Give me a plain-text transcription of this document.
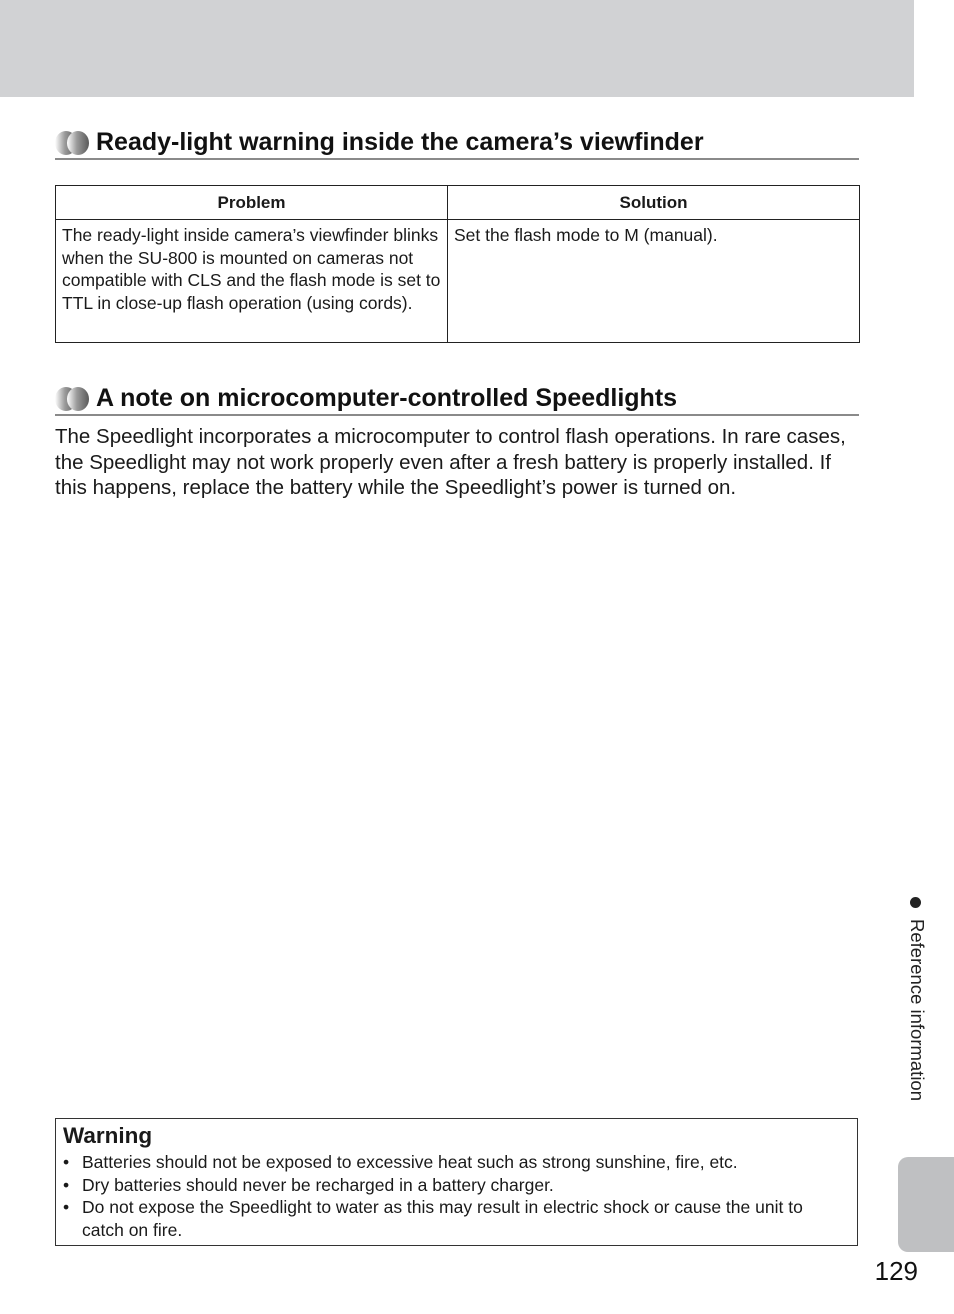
Ready-light warning inside the camera’s viewfinder
Problem	Solution
The ready-light inside camera’s viewfinder blinks when the SU-800 is mounted on cameras not compatible with CLS and the flash mode is set to TTL in close-up flash operation (using cords).	Set the flash mode to M (manual).
A note on microcomputer-controlled Speedlights

The Speedlight incorporates a microcomputer to control flash operations. In rare cases, the Speedlight may not work properly even after a fresh battery is properly installed. If this happens, replace the battery while the Speedlight’s power is turned on.

Warning
• Batteries should not be exposed to excessive heat such as strong sunshine, fire, etc.
• Dry batteries should never be recharged in a battery charger.
• Do not expose the Speedlight to water as this may result in electric shock or cause the unit to catch on fire.
Reference information
129
